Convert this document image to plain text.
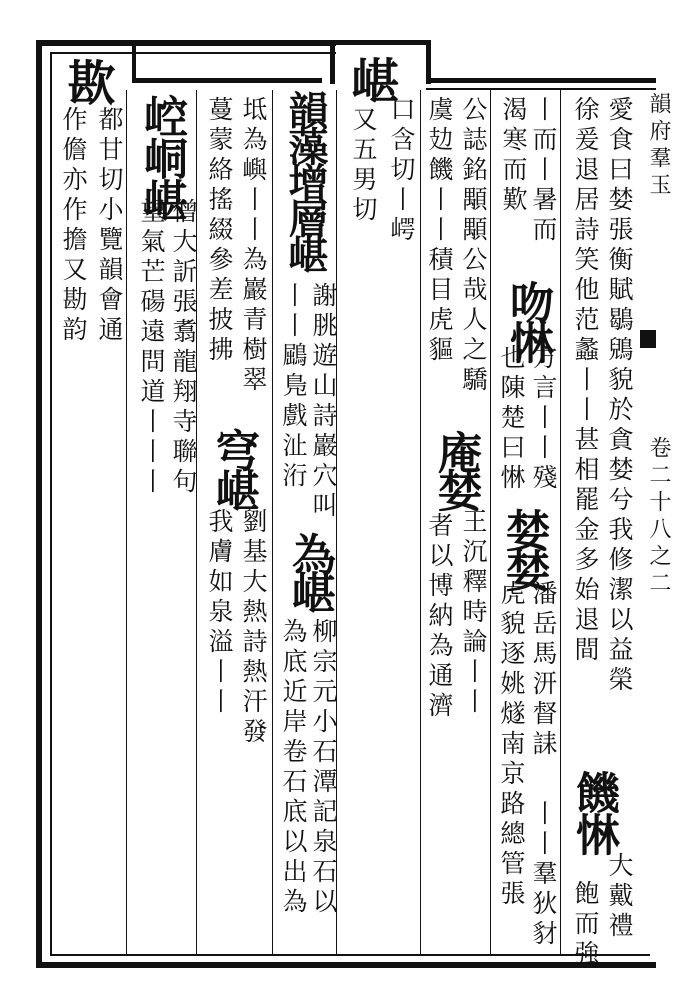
韻府羣玉
卷二十八之二
愛食曰婪張衡賦鶡鶂貌於貪婪兮我修潔以益榮
饑惏
大戴禮
徐爰退居詩笑他范蠡丨丨甚相罷金多始退間
飽而強
丨而丨暑而
丨丨羣狄豺
渴寒而歎
吻惏
方言丨丨殘
潘岳馬汧督誄
也陳楚曰惏
婪婪
虎貌逐姚燧南京路總管張
公誌銘顒顒公哉人之驕
庵婪
王沉釋時論丨丨
虞攰饑丨丨積目虎貙
者以博納為通濟
嵁
口含切丨崿
又五男切
韻藻增層嵁
謝朓遊山詩巖穴叫
丨丨鶌鳬戲沚洐
為嵁
柳宗元小石潭記泉石以
為底近岸卷石底以出為
坻為嶼丨丨為巖青樹翠
蔓蒙絡搖綴參差披拂
穹嵁
劉基大熱詩熱汗發
我膚如泉溢丨丨
崆峒嵁
僧大訢張翥龍翔寺聯句
望氣芒碭遠問道丨丨丨
歁
都甘切小覽韻會通
作儋亦作擔又勘韵
